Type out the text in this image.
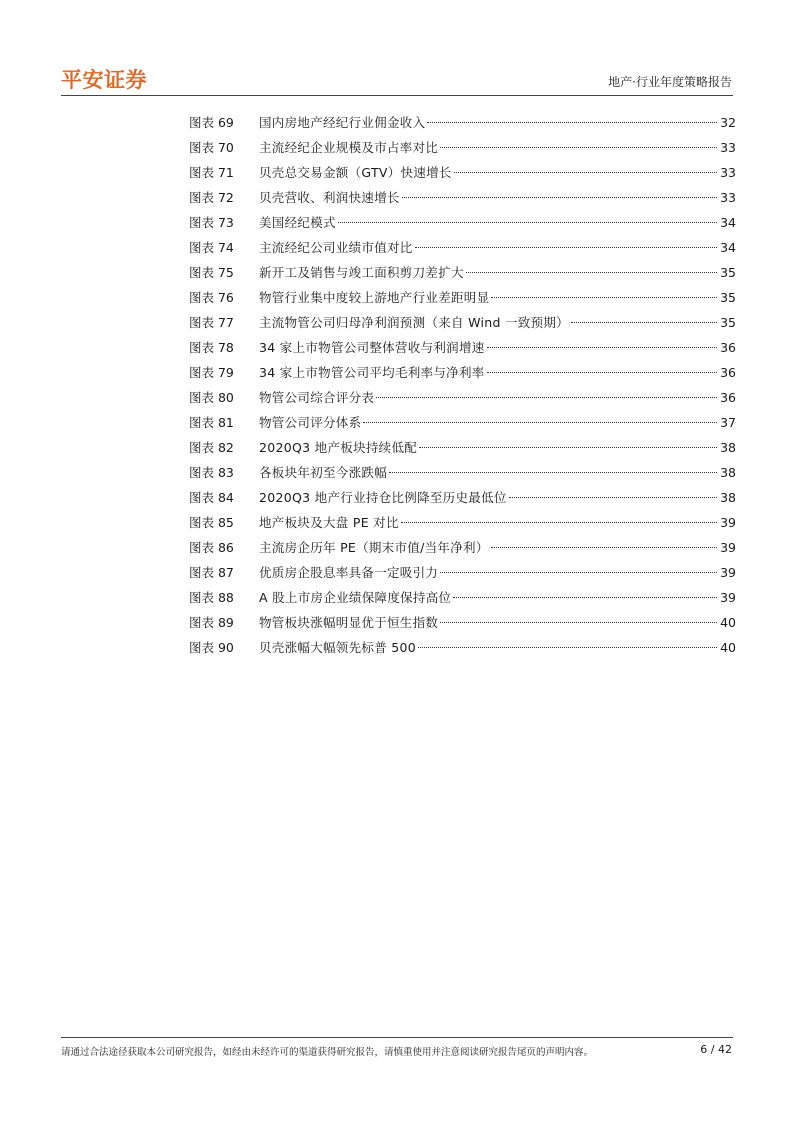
平安证券	地产·行业年度策略报告
图表 69	国内房地产经纪行业佣金收入	32
图表 70	主流经纪企业规模及市占率对比	33
图表 71	贝壳总交易金额（GTV）快速增长	33
图表 72	贝壳营收、利润快速增长	33
图表 73	美国经纪模式	34
图表 74	主流经纪公司业绩市值对比	34
图表 75	新开工及销售与竣工面积剪刀差扩大	35
图表 76	物管行业集中度较上游地产行业差距明显	35
图表 77	主流物管公司归母净利润预测（来自 Wind 一致预期）	35
图表 78	34 家上市物管公司整体营收与利润增速	36
图表 79	34 家上市物管公司平均毛利率与净利率	36
图表 80	物管公司综合评分表	36
图表 81	物管公司评分体系	37
图表 82	2020Q3 地产板块持续低配	38
图表 83	各板块年初至今涨跌幅	38
图表 84	2020Q3 地产行业持仓比例降至历史最低位	38
图表 85	地产板块及大盘 PE 对比	39
图表 86	主流房企历年 PE（期末市值/当年净利）	39
图表 87	优质房企股息率具备一定吸引力	39
图表 88	A 股上市房企业绩保障度保持高位	39
图表 89	物管板块涨幅明显优于恒生指数	40
图表 90	贝壳涨幅大幅领先标普 500	40
请通过合法途径获取本公司研究报告，如经由未经许可的渠道获得研究报告，请慎重使用并注意阅读研究报告尾页的声明内容。	6 / 42
